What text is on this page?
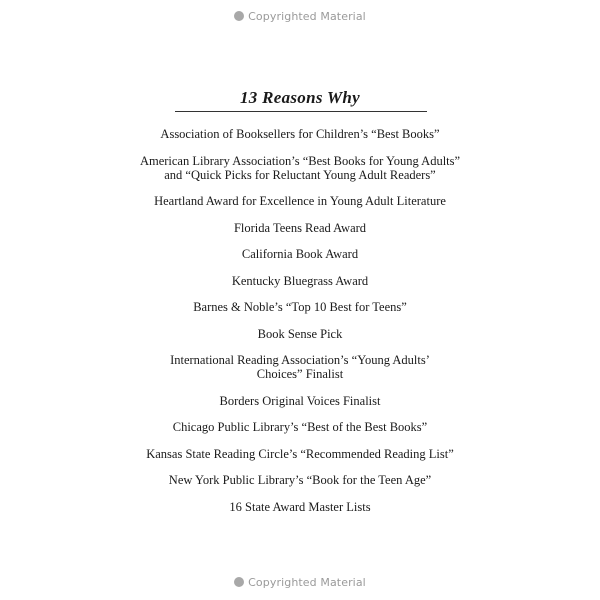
Copyrighted Material
13 Reasons Why
Association of Booksellers for Children’s “Best Books”
American Library Association’s “Best Books for Young Adults”
and “Quick Picks for Reluctant Young Adult Readers”
Heartland Award for Excellence in Young Adult Literature
Florida Teens Read Award
California Book Award
Kentucky Bluegrass Award
Barnes & Noble’s “Top 10 Best for Teens”
Book Sense Pick
International Reading Association’s “Young Adults’
Choices” Finalist
Borders Original Voices Finalist
Chicago Public Library’s “Best of the Best Books”
Kansas State Reading Circle’s “Recommended Reading List”
New York Public Library’s “Book for the Teen Age”
16 State Award Master Lists
Copyrighted Material
